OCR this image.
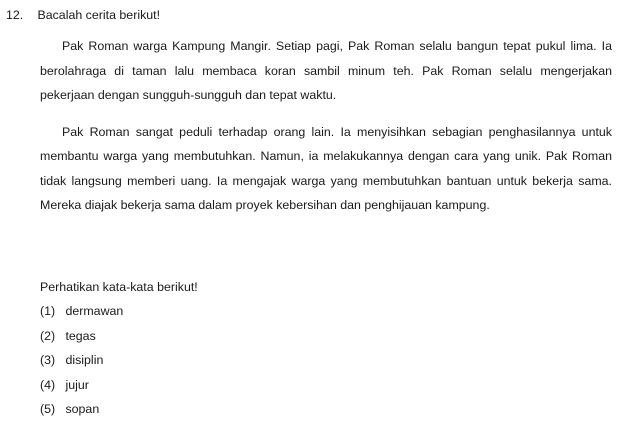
12. Bacalah cerita berikut!

Pak Roman warga Kampung Mangir. Setiap pagi, Pak Roman selalu bangun tepat pukul lima. Ia berolahraga di taman lalu membaca koran sambil minum teh. Pak Roman selalu mengerjakan pekerjaan dengan sungguh-sungguh dan tepat waktu.

Pak Roman sangat peduli terhadap orang lain. Ia menyisihkan sebagian penghasilannya untuk membantu warga yang membutuhkan. Namun, ia melakukannya dengan cara yang unik. Pak Roman tidak langsung memberi uang. Ia mengajak warga yang membutuhkan bantuan untuk bekerja sama. Mereka diajak bekerja sama dalam proyek kebersihan dan penghijauan kampung.

Perhatikan kata-kata berikut!
(1) dermawan
(2) tegas
(3) disiplin
(4) jujur
(5) sopan
